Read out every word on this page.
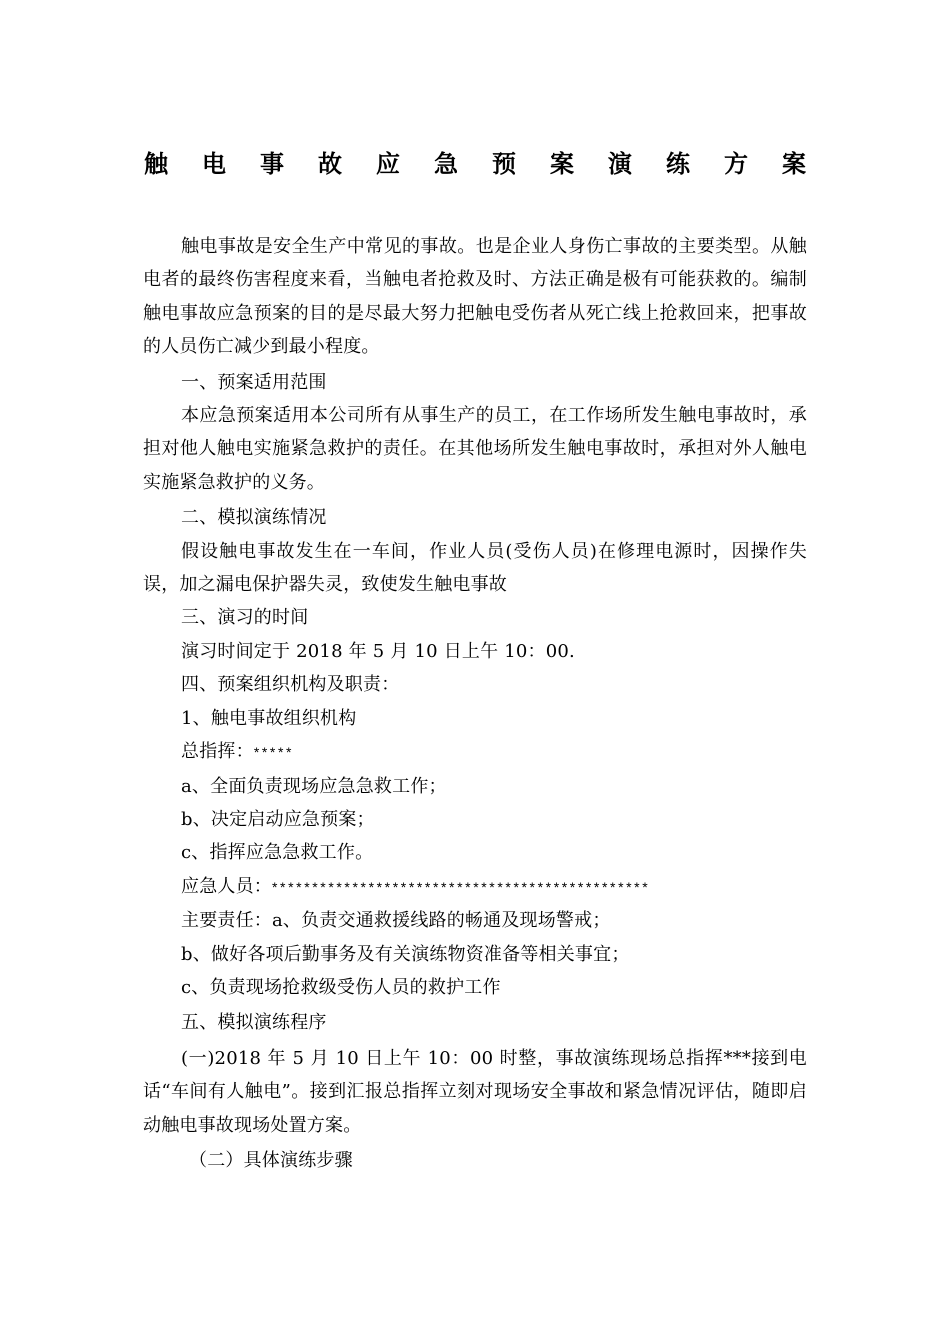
触 电 事 故 应 急 预 案 演 练 方 案

触电事故是安全生产中常见的事故。也是企业人身伤亡事故的主要类型。从触电者的最终伤害程度来看，当触电者抢救及时、方法正确是极有可能获救的。编制触电事故应急预案的目的是尽最大努力把触电受伤者从死亡线上抢救回来，把事故的人员伤亡减少到最小程度。

一、预案适用范围

本应急预案适用本公司所有从事生产的员工，在工作场所发生触电事故时，承担对他人触电实施紧急救护的责任。在其他场所发生触电事故时，承担对外人触电实施紧急救护的义务。

二、模拟演练情况

假设触电事故发生在一车间，作业人员(受伤人员)在修理电源时，因操作失误，加之漏电保护器失灵，致使发生触电事故

三、演习的时间

演习时间定于 2018 年 5 月 10 日上午 10：00.

四、预案组织机构及职责：

1、触电事故组织机构

总指挥：*****

a、全面负责现场应急急救工作；

b、决定启动应急预案；

c、指挥应急急救工作。

应急人员：***********************************************

主要责任：a、负责交通救援线路的畅通及现场警戒；

b、做好各项后勤事务及有关演练物资准备等相关事宜；

c、负责现场抢救级受伤人员的救护工作

五、模拟演练程序

(一)2018 年 5 月 10 日上午 10：00 时整，事故演练现场总指挥***接到电话“车间有人触电”。接到汇报总指挥立刻对现场安全事故和紧急情况评估，随即启动触电事故现场处置方案。

（二）具体演练步骤
